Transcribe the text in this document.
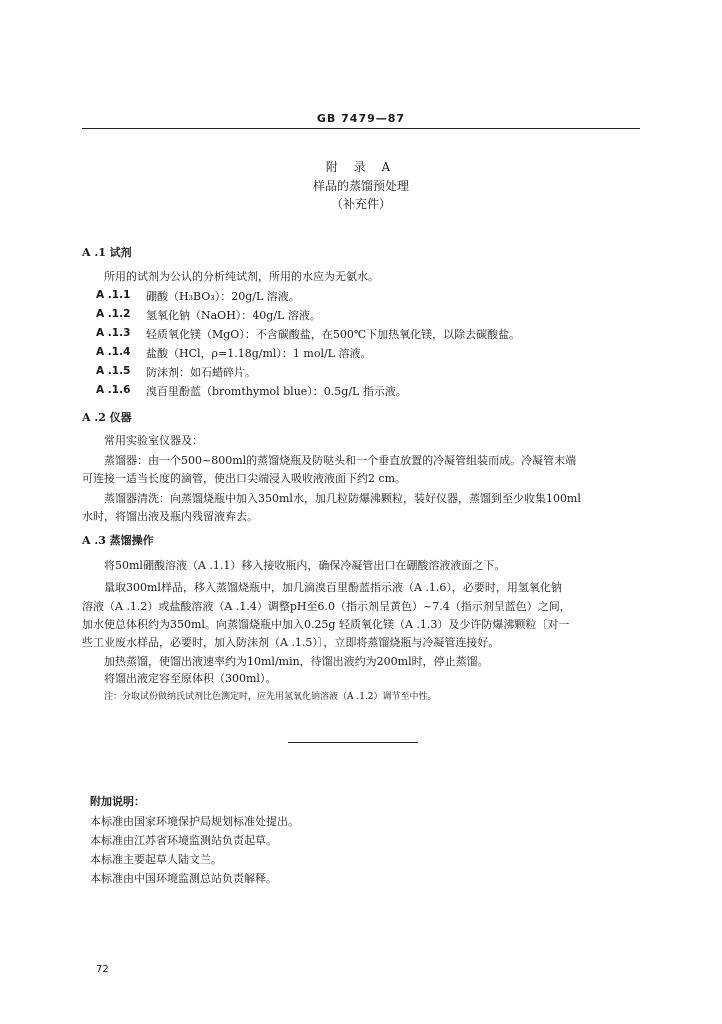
GB 7479—87
附 录 A
样品的蒸馏预处理
（补充件）
A .1 试剂
所用的试剂为公认的分析纯试剂，所用的水应为无氨水。
A .1.1 硼酸（H₃BO₃）：20g/L 溶液。
A .1.2 氢氧化钠（NaOH）：40g/L 溶液。
A .1.3 轻质氧化镁（MgO）：不含碳酸盐，在500℃下加热氧化镁，以除去碳酸盐。
A .1.4 盐酸（HCl，ρ=1.18g/ml）：1 mol/L 溶液。
A .1.5 防沫剂：如石蜡碎片。
A .1.6 溴百里酚蓝（bromthymol blue）：0.5g/L 指示液。
A .2 仪器
常用实验室仪器及：
蒸馏器：由一个500~800ml的蒸馏烧瓶及防哒头和一个垂直放置的冷凝管组装而成。冷凝管末端
可连接一适当长度的滴管，使出口尖端浸入吸收液液面下约2 cm。
蒸馏器清洗：向蒸馏烧瓶中加入350ml水，加几粒防爆沸颗粒，装好仪器，蒸馏到至少收集100ml
水时，将馏出液及瓶内残留液弃去。
A .3 蒸馏操作
将50ml硼酸溶液（A .1.1）移入接收瓶内，确保冷凝管出口在硼酸溶液液面之下。
量取300ml样品，移入蒸馏烧瓶中，加几滴溴百里酚蓝指示液（A .1.6），必要时，用氢氧化钠
溶液（A .1.2）或盐酸溶液（A .1.4）调整pH至6.0（指示剂呈黄色）~7.4（指示剂呈蓝色）之间，
加水使总体积约为350ml。向蒸馏烧瓶中加入0.25g 轻质氧化镁（A .1.3）及少许防爆沸颗粒〔对一
些工业废水样品，必要时，加入防沫剂（A .1.5）〕，立即将蒸馏烧瓶与冷凝管连接好。
加热蒸馏，使馏出液速率约为10ml/min，待馏出液约为200ml时，停止蒸馏。
将馏出液定容至原体积（300ml）。
注：分取试份做纳氏试剂比色测定时，应先用氢氧化钠溶液（A .1.2）调节至中性。
附加说明：
本标准由国家环境保护局规划标准处提出。
本标准由江苏省环境监测站负责起草。
本标准主要起草人陆文兰。
本标准由中国环境监测总站负责解释。
72
